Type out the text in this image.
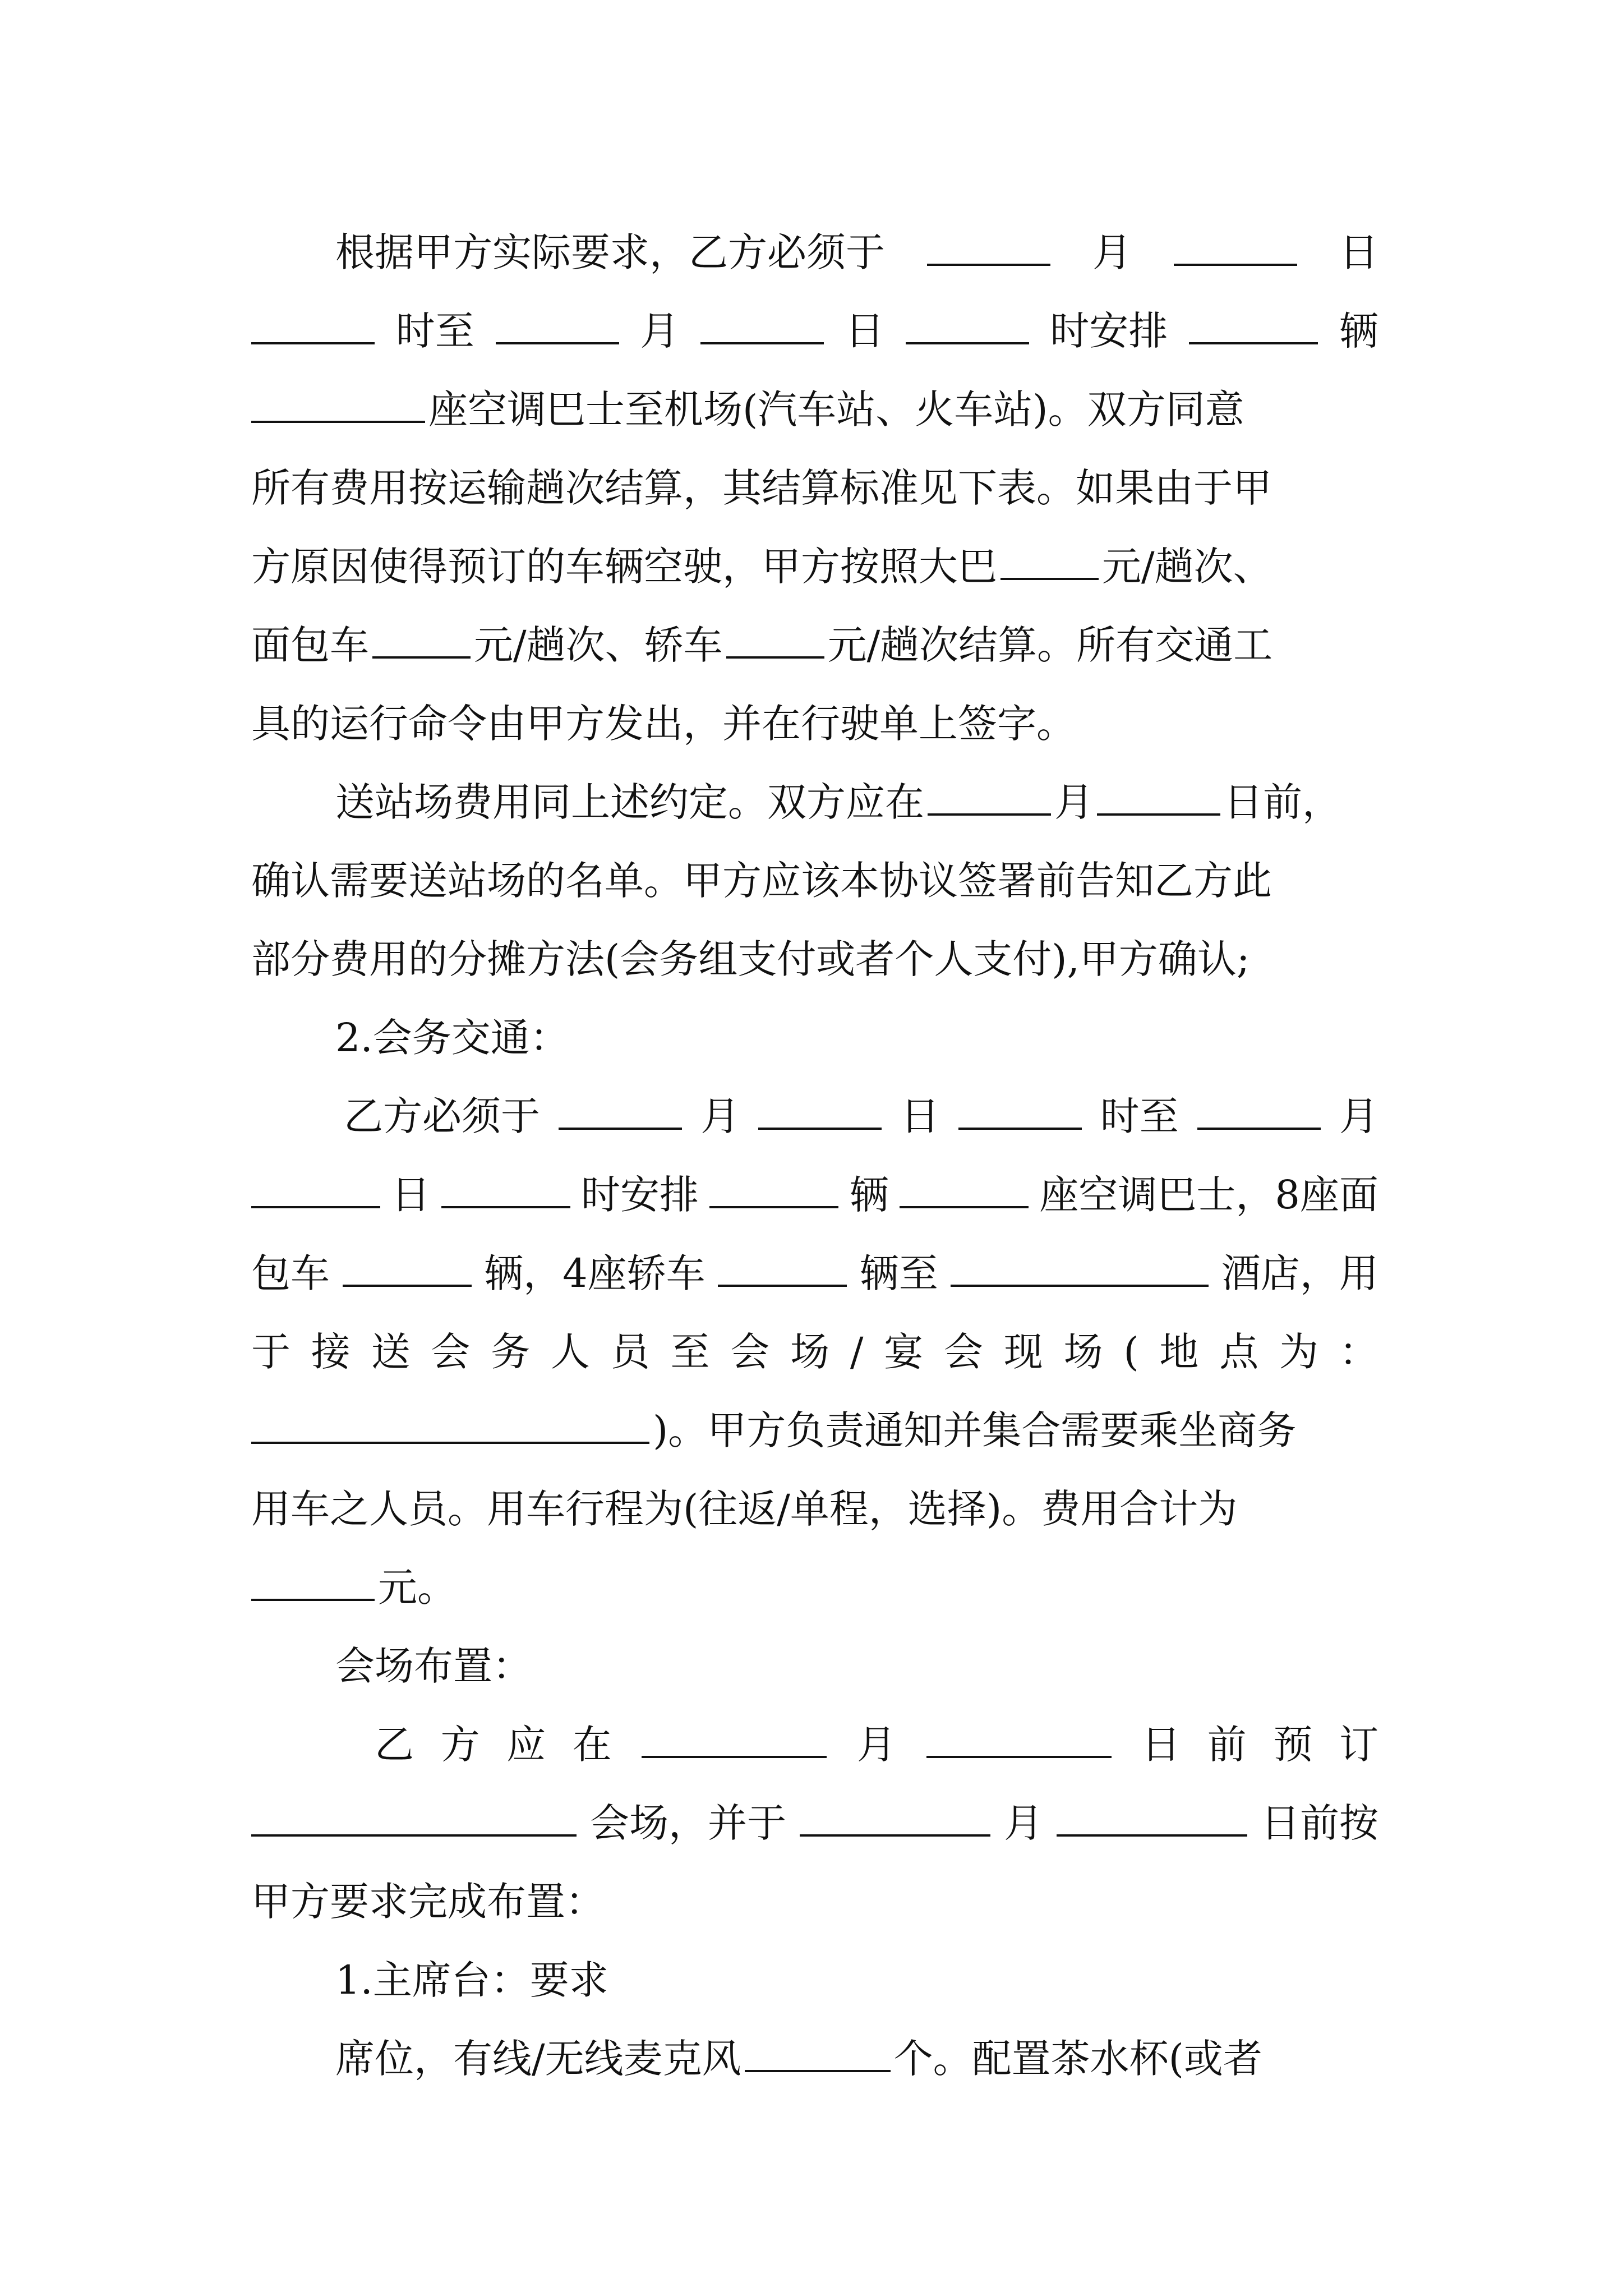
根据甲方实际要求，乙方必须于	月	日
时至	月	日	时安排	辆
座空调巴士至机场(汽车站、火车站)。双方同意
所有费用按运输趟次结算，其结算标准见下表。如果由于甲
方原因使得预订的车辆空驶，甲方按照大巴	元/趟次、
面包车	元/趟次、轿车	元/趟次结算。所有交通工
具的运行命令由甲方发出，并在行驶单上签字。
送站场费用同上述约定。双方应在	月	日前，
确认需要送站场的名单。甲方应该本协议签署前告知乙方此
部分费用的分摊方法(会务组支付或者个人支付),甲方确认;
2.会务交通：
乙方必须于	月	日	时至	月
日	时安排	辆	座空调巴士，8座面
包车	辆，4座轿车	辆至	酒店，用
于 接 送 会 务 人 员 至 会 场 / 宴 会 现 场 ( 地 点 为 ：
)。甲方负责通知并集合需要乘坐商务
用车之人员。用车行程为(往返/单程，选择)。费用合计为
元。
会场布置：
乙 方 应 在	月	日 前 预 订
会场，并于	月	日前按
甲方要求完成布置：
1.主席台：要求
席位，有线/无线麦克风	个。配置茶水杯(或者
